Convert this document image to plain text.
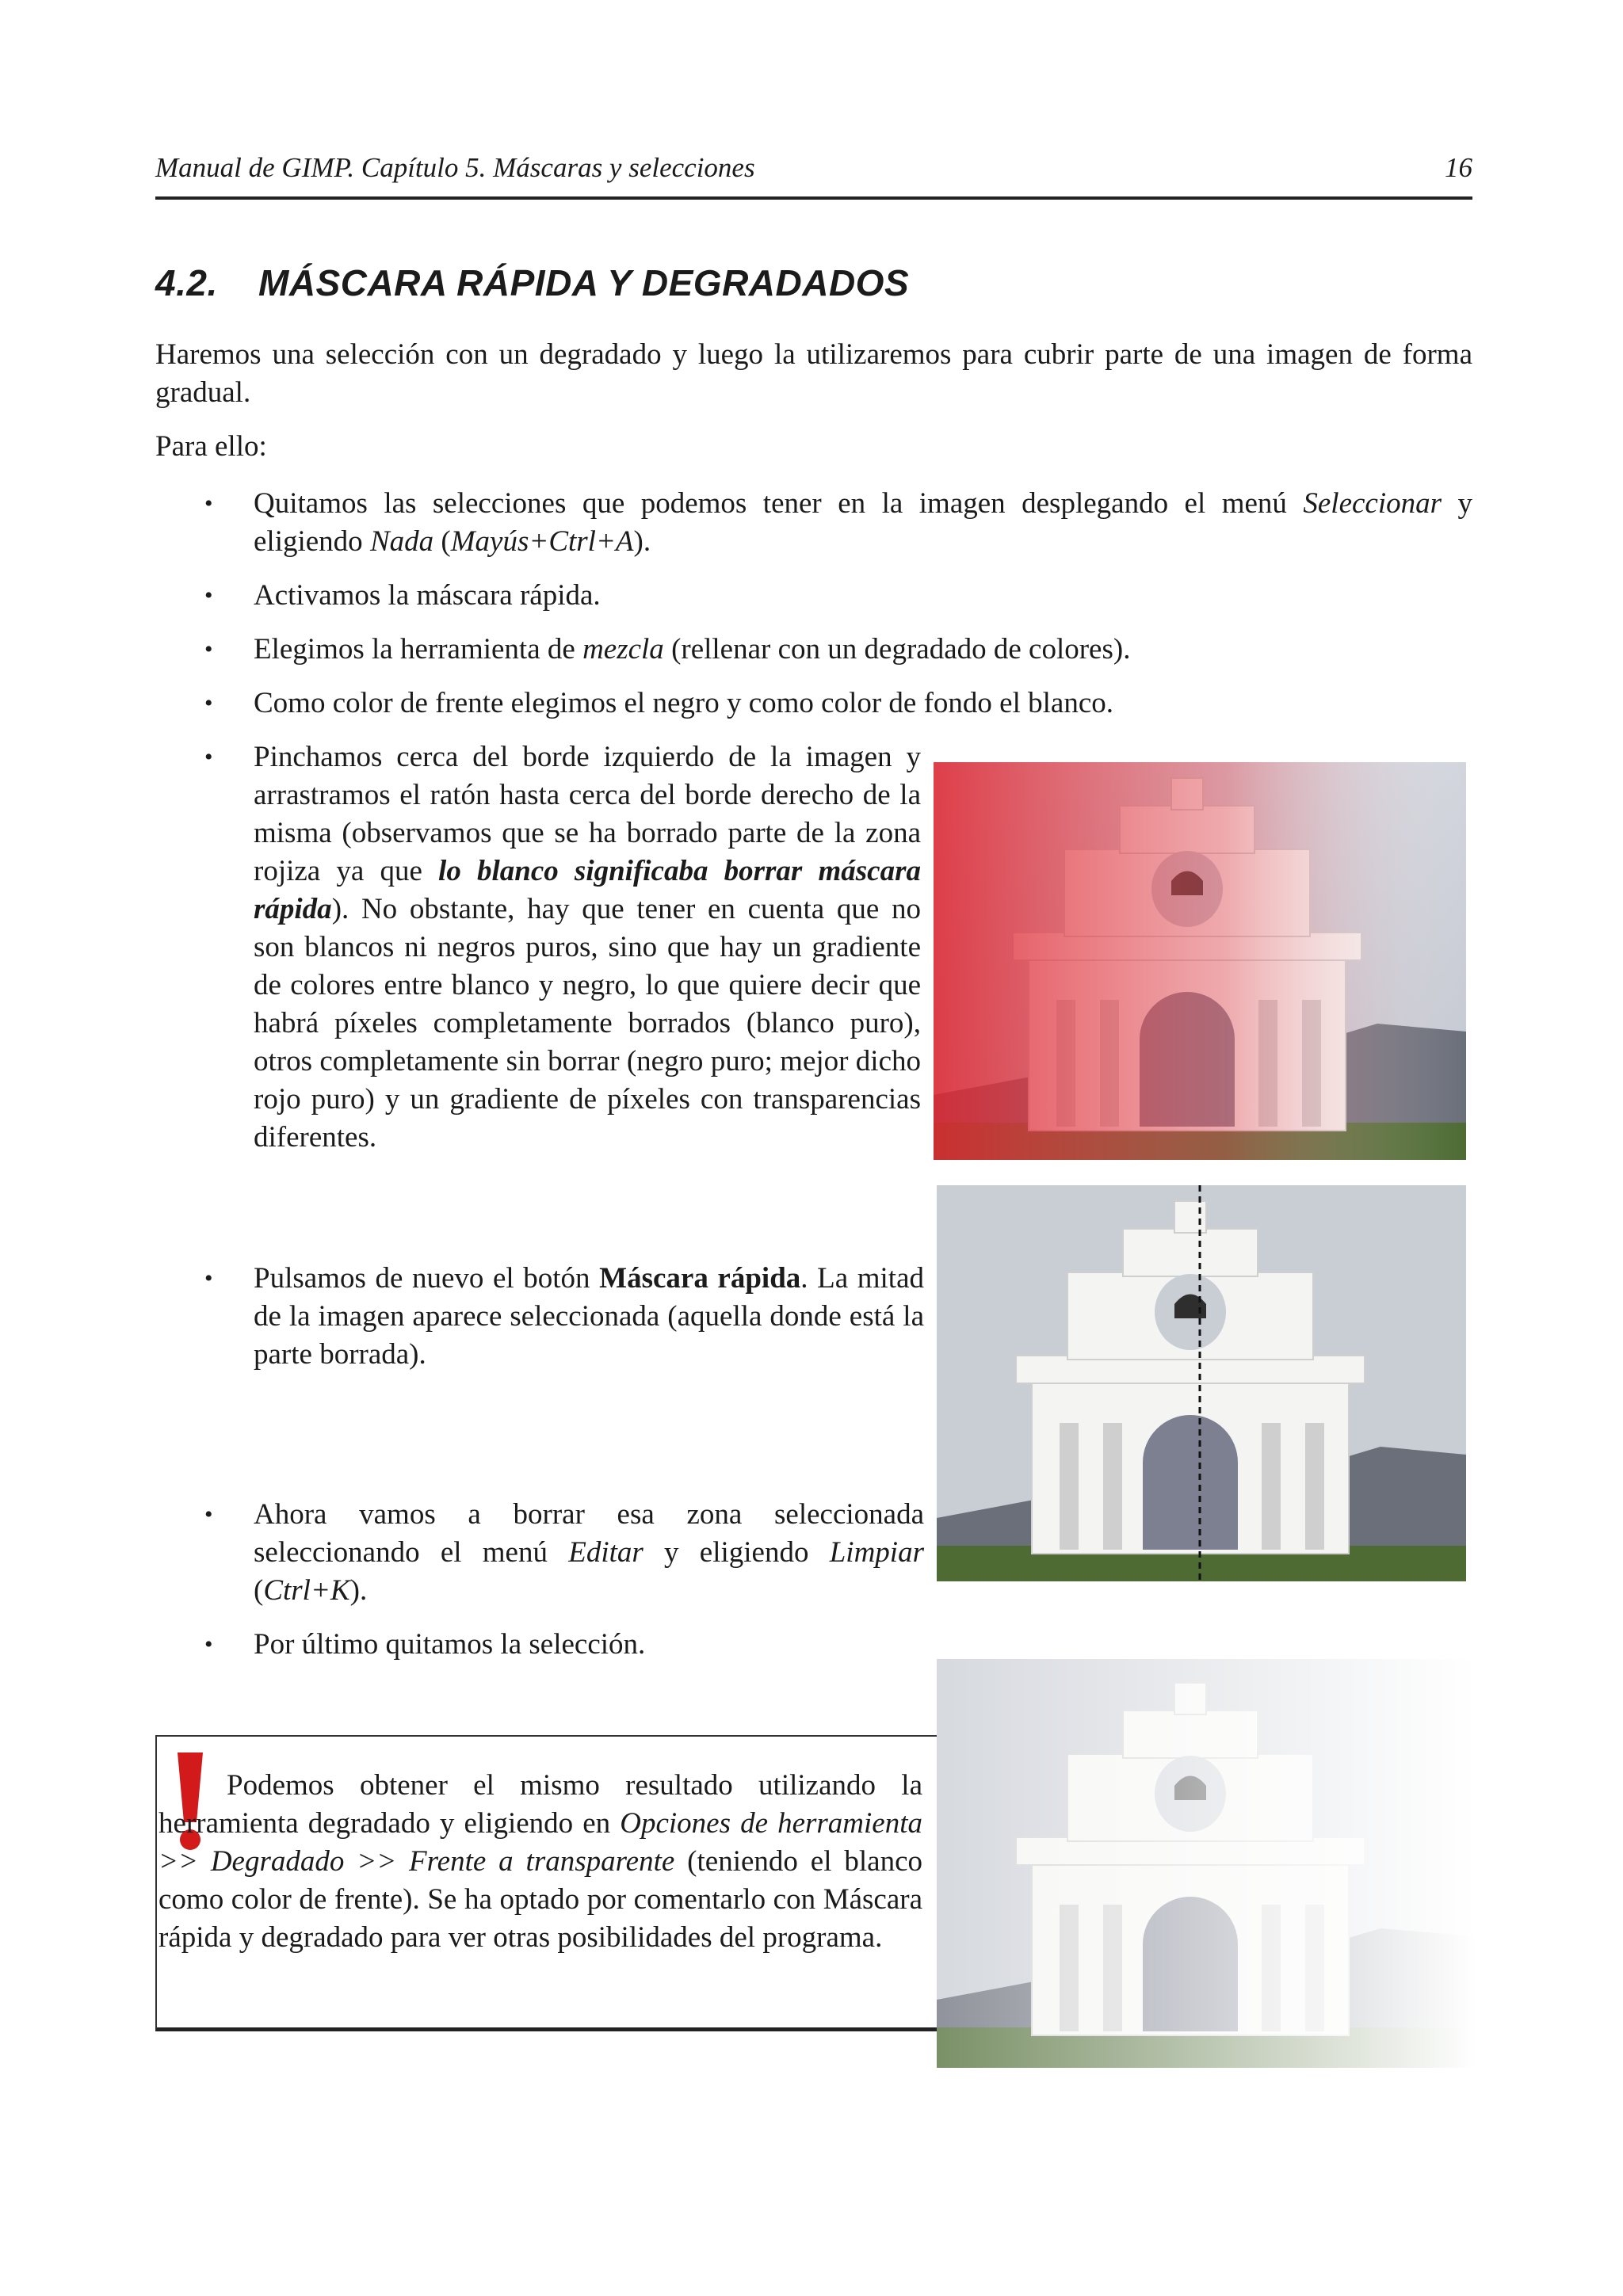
Manual de GIMP. Capítulo 5. Máscaras y selecciones	16
4.2. MÁSCARA RÁPIDA Y DEGRADADOS

Haremos una selección con un degradado y luego la utilizaremos para cubrir parte de una imagen de forma gradual.

Para ello:

• Quitamos las selecciones que podemos tener en la imagen desplegando el menú Seleccionar y eligiendo Nada (Mayús+Ctrl+A).

• Activamos la máscara rápida.

• Elegimos la herramienta de mezcla (rellenar con un degradado de colores).

• Como color de frente elegimos el negro y como color de fondo el blanco.

• Pinchamos cerca del borde izquierdo de la imagen y arrastramos el ratón hasta cerca del borde derecho de la misma (observamos que se ha borrado parte de la zona rojiza ya que lo blanco significaba borrar máscara rápida). No obstante, hay que tener en cuenta que no son blancos ni negros puros, sino que hay un gradiente de colores entre blanco y negro, lo que quiere decir que habrá píxeles completamente borrados (blanco puro), otros completamente sin borrar (negro puro; mejor dicho rojo puro) y un gradiente de píxeles con transparencias diferentes.

• Pulsamos de nuevo el botón Máscara rápida. La mitad de la imagen aparece seleccionada (aquella donde está la parte borrada).

• Ahora vamos a borrar esa zona seleccionada seleccionando el menú Editar y eligiendo Limpiar (Ctrl+K).

• Por último quitamos la selección.

Podemos obtener el mismo resultado utilizando la herramienta degradado y eligiendo en Opciones de herramienta >> Degradado >> Frente a transparente (teniendo el blanco como color de frente). Se ha optado por comentarlo con Máscara rápida y degradado para ver otras posibilidades del programa.
